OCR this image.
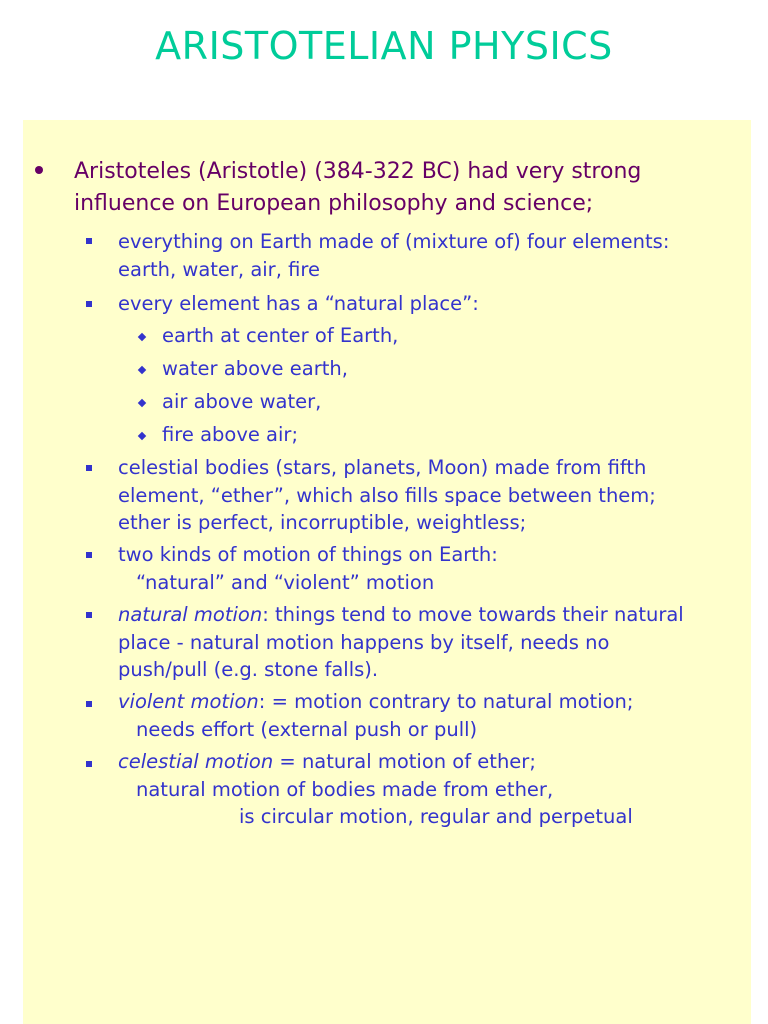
ARISTOTELIAN PHYSICS
Aristoteles (Aristotle) (384-322 BC) had very strong
influence on European philosophy and science;
everything on Earth made of (mixture of) four elements:
earth, water, air, fire
every element has a “natural place”:
earth at center of Earth,
water above earth,
air above water,
fire above air;
celestial bodies (stars, planets, Moon) made from fifth
element, “ether”, which also fills space between them;
ether is perfect, incorruptible, weightless;
two kinds of motion of things on Earth:
“natural” and “violent” motion
natural motion: things tend to move towards their natural
place - natural motion happens by itself, needs no
push/pull (e.g. stone falls).
violent motion: = motion contrary to natural motion;
needs effort (external push or pull)
celestial motion = natural motion of ether;
natural motion of bodies made from ether,
is circular motion, regular and perpetual
